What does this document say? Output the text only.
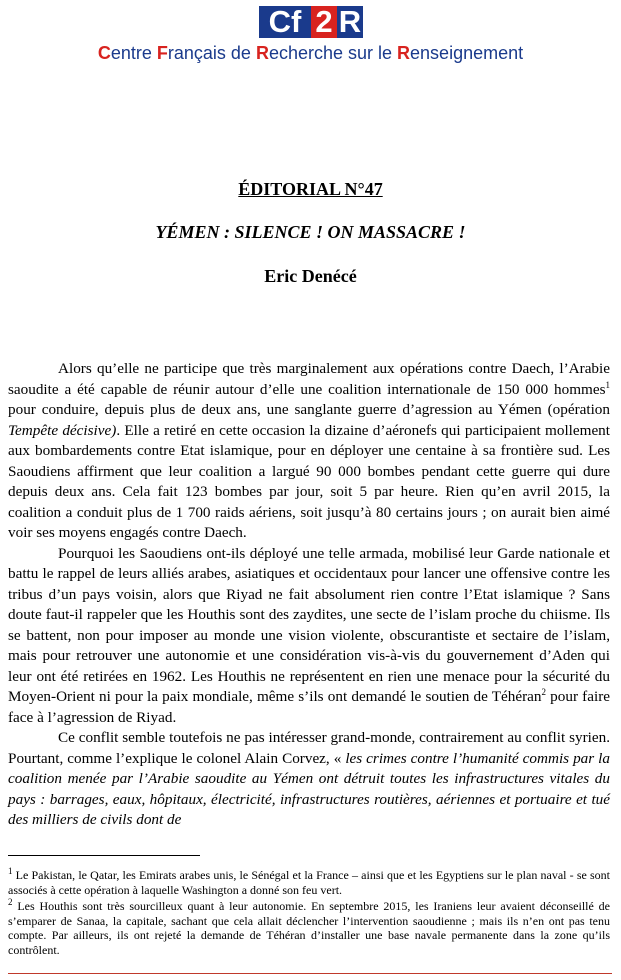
Cf 2 R
Centre Français de Recherche sur le Renseignement
ÉDITORIAL N°47
YÉMEN : SILENCE ! ON MASSACRE !
Eric Denécé

Alors qu’elle ne participe que très marginalement aux opérations contre Daech, l’Arabie saoudite a été capable de réunir autour d’elle une coalition internationale de 150 000 hommes$^1$ pour conduire, depuis plus de deux ans, une sanglante guerre d’agression au Yémen (opération Tempête décisive). Elle a retiré en cette occasion la dizaine d’aéronefs qui participaient mollement aux bombardements contre Etat islamique, pour en déployer une centaine à sa frontière sud. Les Saoudiens affirment que leur coalition a largué 90 000 bombes pendant cette guerre qui dure depuis deux ans. Cela fait 123 bombes par jour, soit 5 par heure. Rien qu’en avril 2015, la coalition a conduit plus de 1 700 raids aériens, soit jusqu’à 80 certains jours ; on aurait bien aimé voir ses moyens engagés contre Daech.

Pourquoi les Saoudiens ont-ils déployé une telle armada, mobilisé leur Garde nationale et battu le rappel de leurs alliés arabes, asiatiques et occidentaux pour lancer une offensive contre les tribus d’un pays voisin, alors que Riyad ne fait absolument rien contre l’Etat islamique ? Sans doute faut-il rappeler que les Houthis sont des zaydites, une secte de l’islam proche du chiisme. Ils se battent, non pour imposer au monde une vision violente, obscurantiste et sectaire de l’islam, mais pour retrouver une autonomie et une considération vis-à-vis du gouvernement d’Aden qui leur ont été retirées en 1962. Les Houthis ne représentent en rien une menace pour la sécurité du Moyen-Orient ni pour la paix mondiale, même s’ils ont demandé le soutien de Téhéran$^2$ pour faire face à l’agression de Riyad.

Ce conflit semble toutefois ne pas intéresser grand-monde, contrairement au conflit syrien. Pourtant, comme l’explique le colonel Alain Corvez, « les crimes contre l’humanité commis par la coalition menée par l’Arabie saoudite au Yémen ont détruit toutes les infrastructures vitales du pays : barrages, eaux, hôpitaux, électricité, infrastructures routières, aériennes et portuaire et tué des milliers de civils dont de

$^1$ Le Pakistan, le Qatar, les Emirats arabes unis, le Sénégal et la France – ainsi que et les Egyptiens sur le plan naval - se sont associés à cette opération à laquelle Washington a donné son feu vert.

$^2$ Les Houthis sont très sourcilleux quant à leur autonomie. En septembre 2015, les Iraniens leur avaient déconseillé de s’emparer de Sanaa, la capitale, sachant que cela allait déclencher l’intervention saoudienne ; mais ils n’en ont pas tenu compte. Par ailleurs, ils ont rejeté la demande de Téhéran d’installer une base navale permanente dans la zone qu’ils contrôlent.
